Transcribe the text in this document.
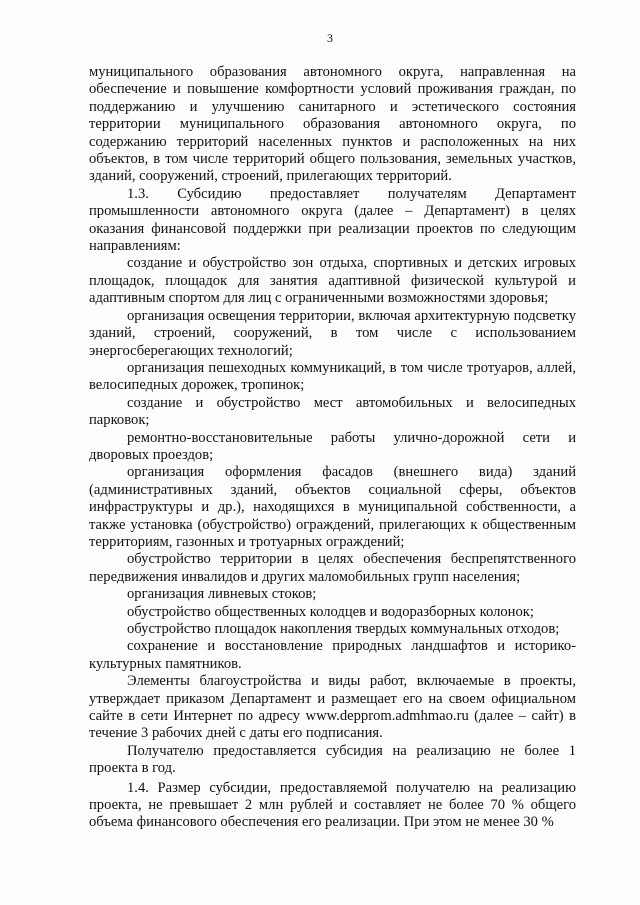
3

муниципального образования автономного округа, направленная на обеспечение и повышение комфортности условий проживания граждан, по поддержанию и улучшению санитарного и эстетического состояния территории муниципального образования автономного округа, по содержанию территорий населенных пунктов и расположенных на них объектов, в том числе территорий общего пользования, земельных участков, зданий, сооружений, строений, прилегающих территорий.

1.3. Субсидию предоставляет получателям Департамент промышленности автономного округа (далее – Департамент) в целях оказания финансовой поддержки при реализации проектов по следующим направлениям:

создание и обустройство зон отдыха, спортивных и детских игровых площадок, площадок для занятия адаптивной физической культурой и адаптивным спортом для лиц с ограниченными возможностями здоровья;

организация освещения территории, включая архитектурную подсветку зданий, строений, сооружений, в том числе с использованием энергосберегающих технологий;

организация пешеходных коммуникаций, в том числе тротуаров, аллей, велосипедных дорожек, тропинок;

создание и обустройство мест автомобильных и велосипедных парковок;

ремонтно-восстановительные работы улично-дорожной сети и дворовых проездов;

организация оформления фасадов (внешнего вида) зданий (административных зданий, объектов социальной сферы, объектов инфраструктуры и др.), находящихся в муниципальной собственности, а также установка (обустройство) ограждений, прилегающих к общественным территориям, газонных и тротуарных ограждений;

обустройство территории в целях обеспечения беспрепятственного передвижения инвалидов и других маломобильных групп населения;

организация ливневых стоков;

обустройство общественных колодцев и водоразборных колонок;

обустройство площадок накопления твердых коммунальных отходов;

сохранение и восстановление природных ландшафтов и историко-культурных памятников.

Элементы благоустройства и виды работ, включаемые в проекты, утверждает приказом Департамент и размещает его на своем официальном сайте в сети Интернет по адресу www.depprom.admhmao.ru (далее – сайт) в течение 3 рабочих дней с даты его подписания.

Получателю предоставляется субсидия на реализацию не более 1 проекта в год.

1.4. Размер субсидии, предоставляемой получателю на реализацию проекта, не превышает 2 млн рублей и составляет не более 70 % общего объема финансового обеспечения его реализации. При этом не менее 30 %
